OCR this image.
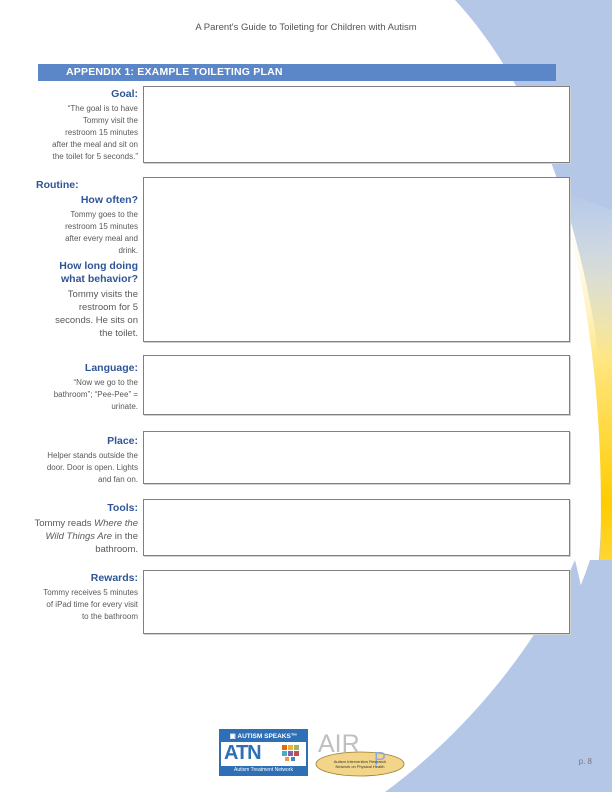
A Parent's Guide to Toileting for Children with Autism
APPENDIX 1: EXAMPLE TOILETING PLAN
Goal:
“The goal is to have
Tommy visit the
restroom 15 minutes
after the meal and sit on
the toilet for 5 seconds.”
Routine:
How often?
Tommy goes to the
restroom 15 minutes
after every meal and
drink.
How long doing
what behavior?
Tommy visits the
restroom for 5
seconds. He sits on
the toilet.
Language:
“Now we go to the
bathroom”; “Pee-Pee” =
urinate.
Place:
Helper stands outside the
door. Door is open. Lights
and fan on.
Tools:
Tommy reads Where the
Wild Things Are in the
bathroom.
Rewards:
Tommy receives 5 minutes
of iPad time for every visit
to the bathroom
▣ AUTISM SPEAKS™
ATN
Autism Treatment Network
AIR
P
Autism Intervention Research
Network on Physical Health
p. 8
